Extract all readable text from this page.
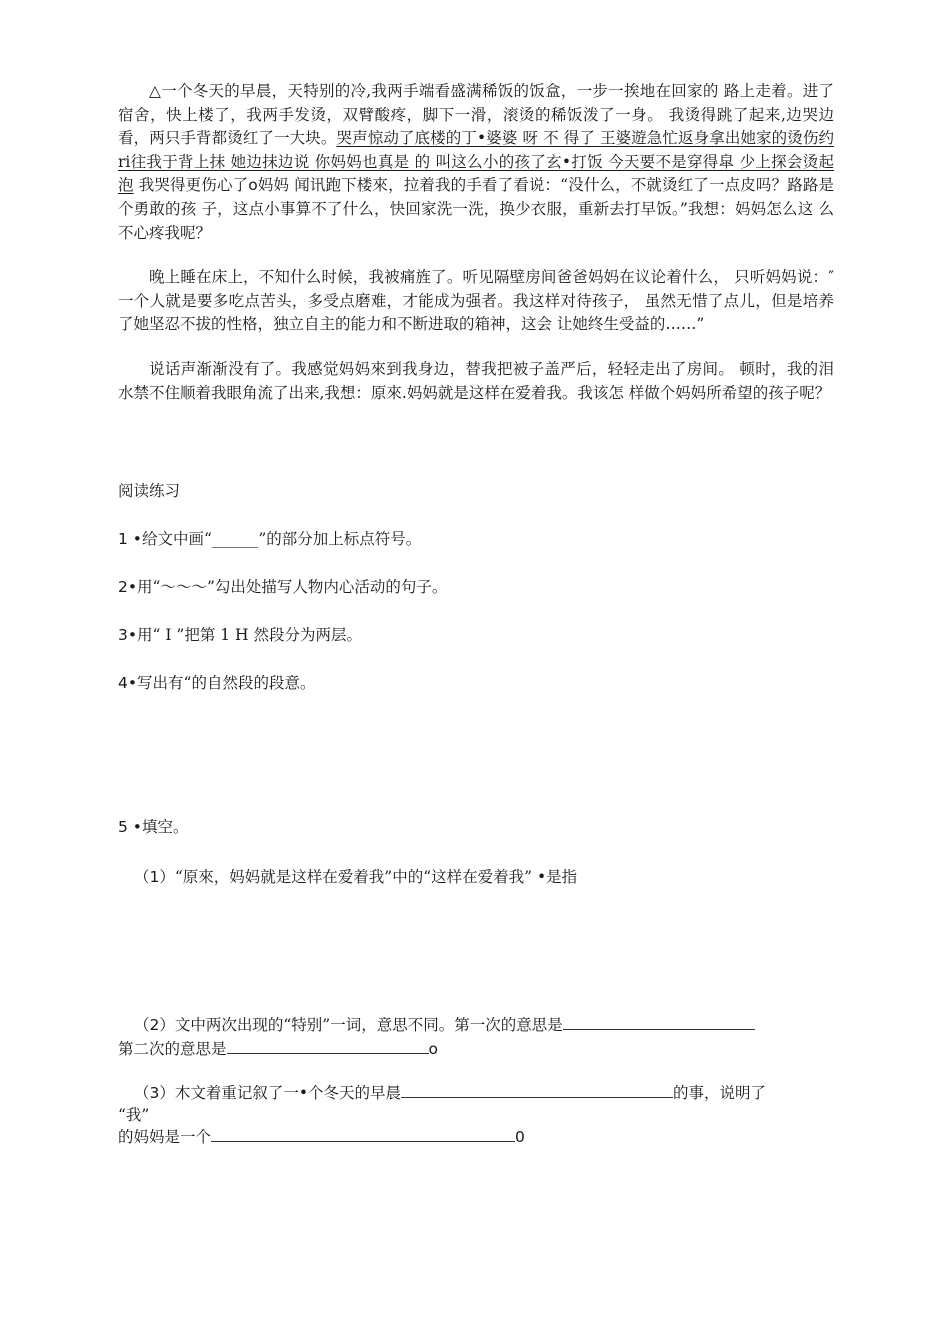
△一个冬天的早晨，天特别的冷,我两手端看盛满稀饭的饭盒，一步一挨地在回家的 路上走着。进了宿舍，快上楼了，我两手发烫，双臂酸疼，脚下一滑，滚烫的稀饭泼了一身。 我烫得跳了起来,边哭边看，两只手背都烫红了一大块。哭声惊动了底楼的丁•婆婆 呀 不 得了 王婆遊急忙返身拿出她家的烫伤约ri往我于背上抹 她边抹边说 你妈妈也真是 的 叫这么小的孩了玄•打饭 今天要不是穿得皐 少上探会烫起泡 我哭得更伤心了o妈妈 闻讯跑下楼來，拉着我的手看了看说：“没什么，不就烫红了一点皮吗？路路是个勇敢的孩 子，这点小事算不了什么，快回家洗一洗，换少衣服，重新去打早饭。”我想：妈妈怎么这 么不心疼我呢？

晚上睡在床上，不知什么时候，我被痛旌了。听见隔壁房间爸爸妈妈在议论着什么， 只听妈妈说：″一个人就是要多吃点苦头，多受点磨难，才能成为强者。我这样对待孩子， 虽然无惜了点儿，但是培养了她坚忍不拔的性格，独立自主的能力和不断进取的箱神，这会 让她终生受益的……”

说话声渐渐没有了。我感觉妈妈來到我身边，替我把被子盖严后，轻轻走出了房间。 顿时，我的泪水禁不住顺着我眼角流了出来,我想：原來.妈妈就是这样在爱着我。我该怎 样做个妈妈所希望的孩子呢？

阅读练习

1 •给文中画“______”的部分加上标点符号。

2•用“〜〜〜”勾出处描写人物内心活动的句子。

3•用“ I ”把第 1 H 然段分为两层。

4•写出有“的自然段的段意。

5 •填空。

（1）“原來，妈妈就是这样在爱着我”中的“这样在爱着我” •是指

（2）文中两次出现的“特别”一词，意思不同。第一次的意思是

第二次的意思是	o

（3）木文着重记叙了一•个冬天的早晨	的事，说明了

“我”

的妈妈是一个	0
